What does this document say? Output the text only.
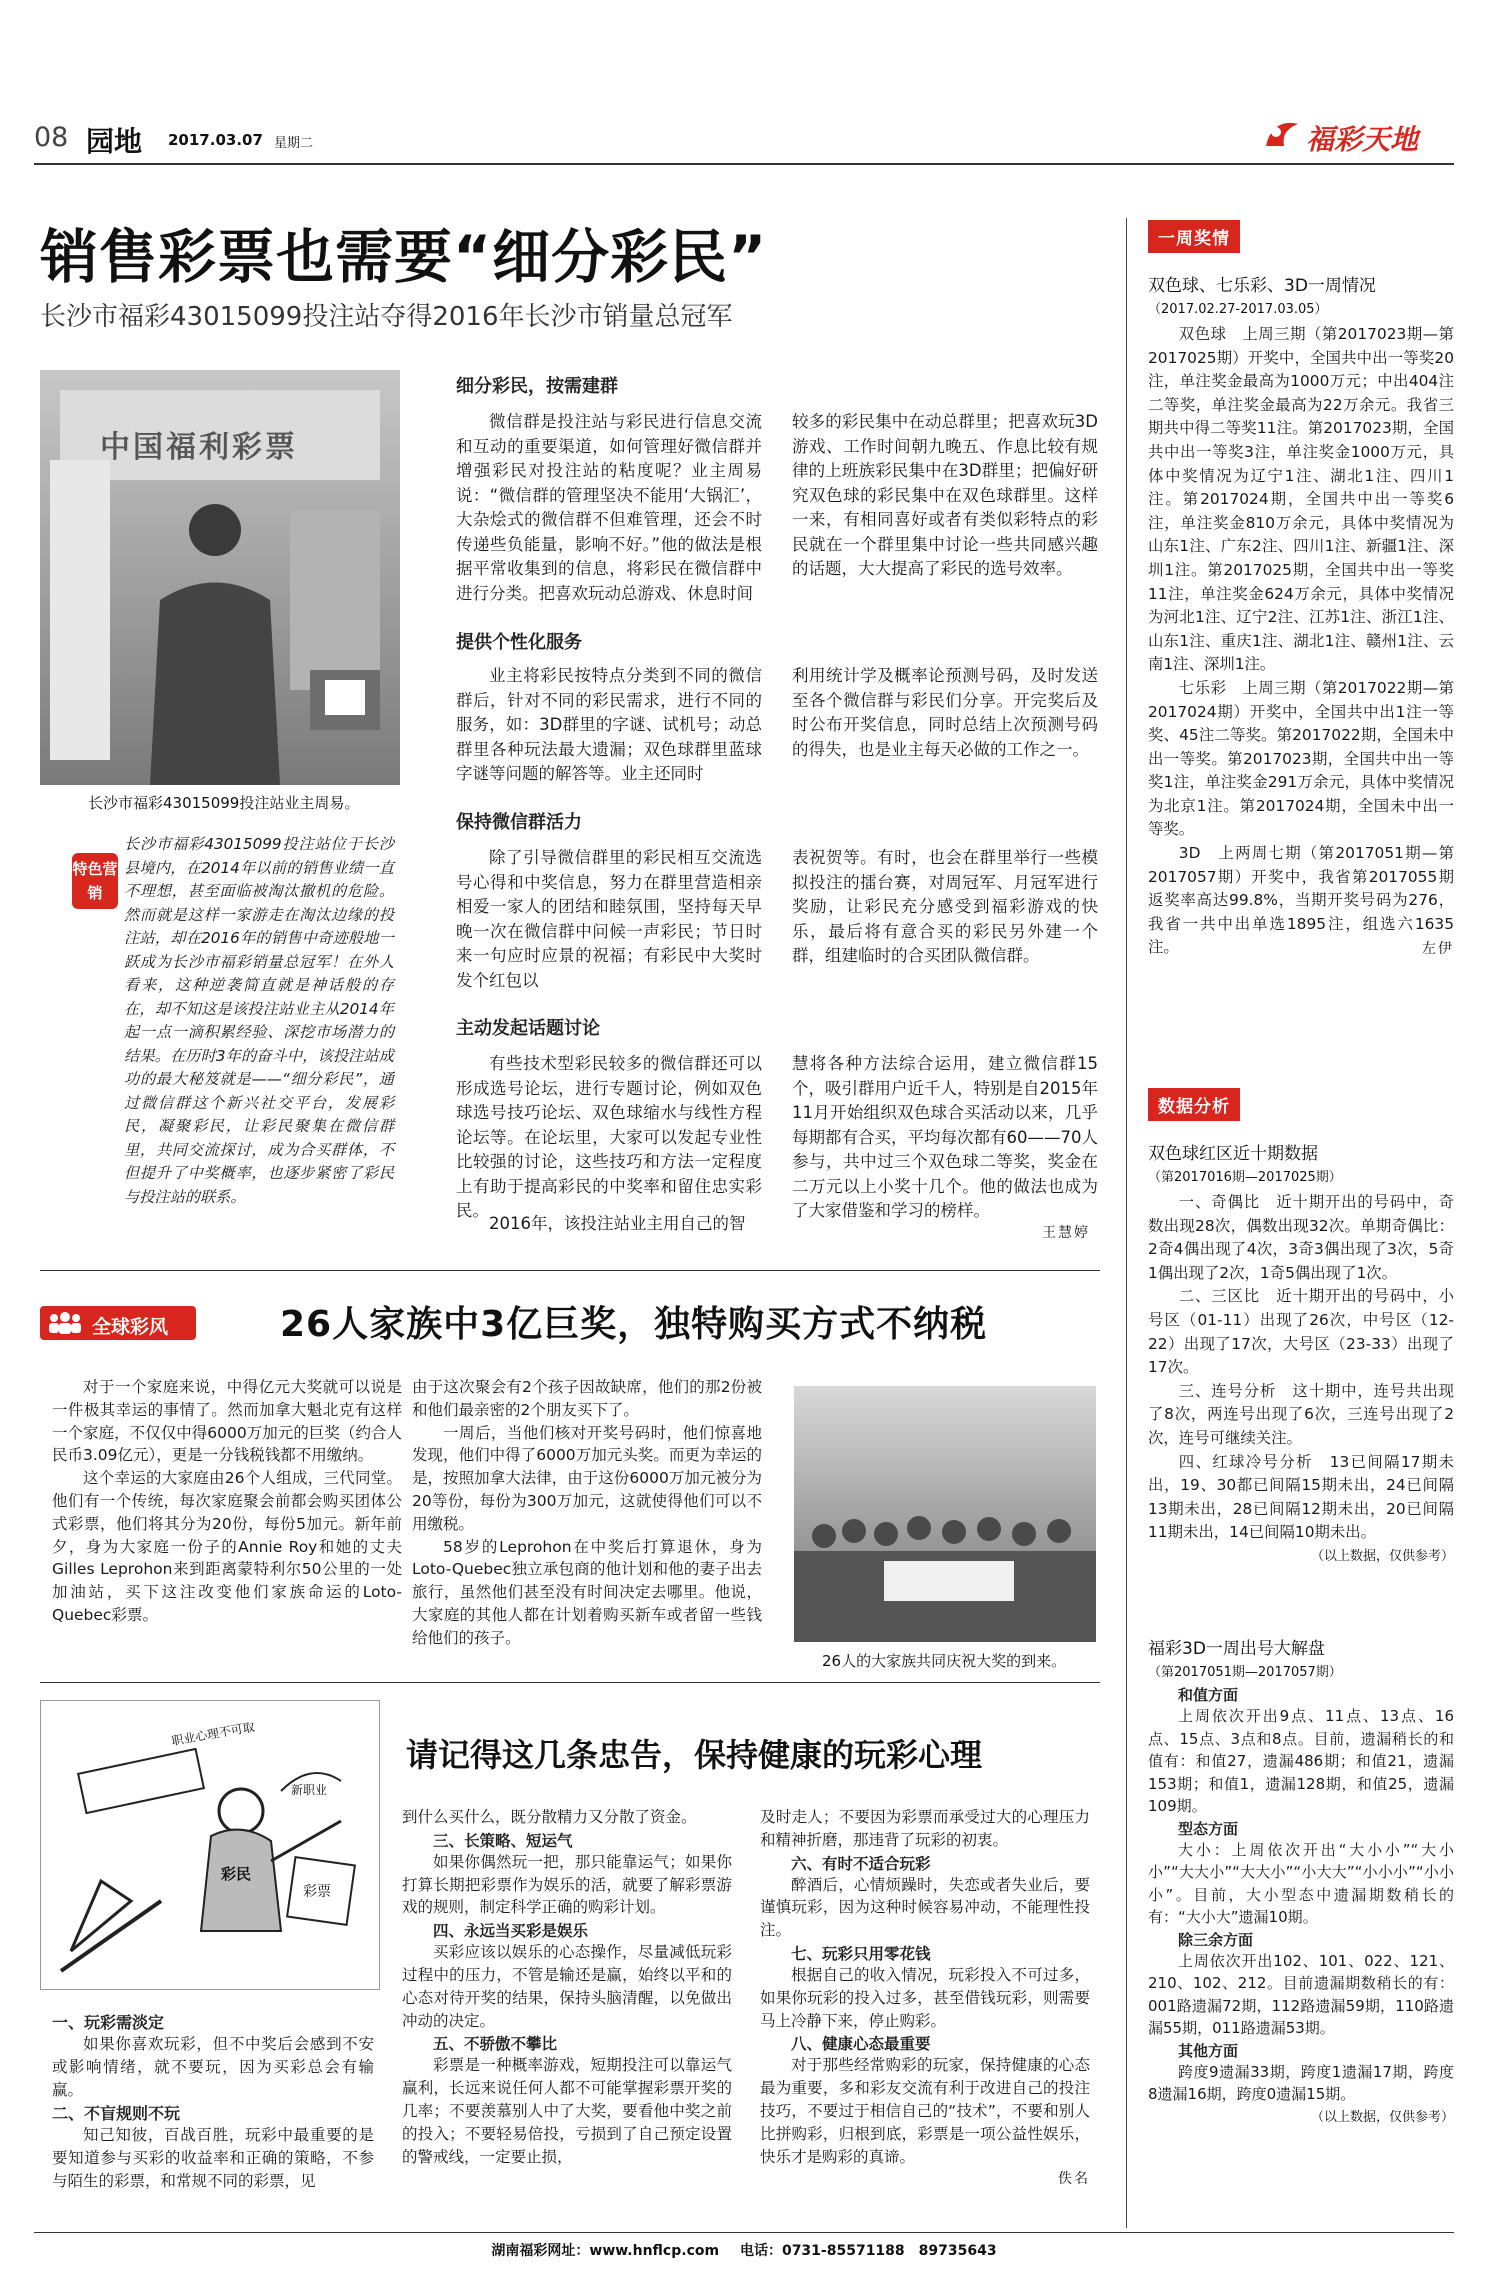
08 园地 2017.03.07 星期二	福彩天地
销售彩票也需要“细分彩民”
长沙市福彩43015099投注站夺得2016年长沙市销量总冠军
中国福利彩票
长沙市福彩43015099投注站业主周易。
特色营销

长沙市福彩43015099投注站位于长沙县境内，在2014年以前的销售业绩一直不理想，甚至面临被淘汰撤机的危险。然而就是这样一家游走在淘汰边缘的投注站，却在2016年的销售中奇迹般地一跃成为长沙市福彩销量总冠军！在外人看来，这种逆袭简直就是神话般的存在，却不知这是该投注站业主从2014年起一点一滴积累经验、深挖市场潜力的结果。在历时3年的奋斗中，该投注站成功的最大秘笈就是——“细分彩民”，通过微信群这个新兴社交平台，发展彩民，凝聚彩民，让彩民聚集在微信群里，共同交流探讨，成为合买群体，不但提升了中奖概率，也逐步紧密了彩民与投注站的联系。

细分彩民，按需建群

微信群是投注站与彩民进行信息交流和互动的重要渠道，如何管理好微信群并增强彩民对投注站的粘度呢？业主周易说：“微信群的管理坚决不能用‘大锅汇’，大杂烩式的微信群不但难管理，还会不时传递些负能量，影响不好。”他的做法是根据平常收集到的信息，将彩民在微信群中进行分类。把喜欢玩动总游戏、休息时间

较多的彩民集中在动总群里；把喜欢玩3D游戏、工作时间朝九晚五、作息比较有规律的上班族彩民集中在3D群里；把偏好研究双色球的彩民集中在双色球群里。这样一来，有相同喜好或者有类似彩特点的彩民就在一个群里集中讨论一些共同感兴趣的话题，大大提高了彩民的选号效率。

提供个性化服务

业主将彩民按特点分类到不同的微信群后，针对不同的彩民需求，进行不同的服务，如：3D群里的字谜、试机号；动总群里各种玩法最大遗漏；双色球群里蓝球字谜等问题的解答等。业主还同时

利用统计学及概率论预测号码，及时发送至各个微信群与彩民们分享。开完奖后及时公布开奖信息，同时总结上次预测号码的得失，也是业主每天必做的工作之一。

保持微信群活力

除了引导微信群里的彩民相互交流选号心得和中奖信息，努力在群里营造相亲相爱一家人的团结和睦氛围，坚持每天早晚一次在微信群中问候一声彩民；节日时来一句应时应景的祝福；有彩民中大奖时发个红包以

表祝贺等。有时，也会在群里举行一些模拟投注的擂台赛，对周冠军、月冠军进行奖励，让彩民充分感受到福彩游戏的快乐，最后将有意合买的彩民另外建一个群，组建临时的合买团队微信群。

主动发起话题讨论

有些技术型彩民较多的微信群还可以形成选号论坛，进行专题讨论，例如双色球选号技巧论坛、双色球缩水与线性方程论坛等。在论坛里，大家可以发起专业性比较强的讨论，这些技巧和方法一定程度上有助于提高彩民的中奖率和留住忠实彩民。

2016年，该投注站业主用自己的智

慧将各种方法综合运用，建立微信群15个，吸引群用户近千人，特别是自2015年11月开始组织双色球合买活动以来，几乎每期都有合买，平均每次都有60——70人参与，共中过三个双色球二等奖，奖金在二万元以上小奖十几个。他的做法也成为了大家借鉴和学习的榜样。

王慧婷
全球彩风	26人家族中3亿巨奖，独特购买方式不纳税

对于一个家庭来说，中得亿元大奖就可以说是一件极其幸运的事情了。然而加拿大魁北克有这样一个家庭，不仅仅中得6000万加元的巨奖（约合人民币3.09亿元），更是一分钱税钱都不用缴纳。

这个幸运的大家庭由26个人组成，三代同堂。他们有一个传统，每次家庭聚会前都会购买团体公式彩票，他们将其分为20份，每份5加元。新年前夕，身为大家庭一份子的Annie Roy和她的丈夫Gilles Leprohon来到距离蒙特利尔50公里的一处加油站，买下这注改变他们家族命运的Loto-Quebec彩票。

由于这次聚会有2个孩子因故缺席，他们的那2份被和他们最亲密的2个朋友买下了。

一周后，当他们核对开奖号码时，他们惊喜地发现，他们中得了6000万加元头奖。而更为幸运的是，按照加拿大法律，由于这份6000万加元被分为20等份，每份为300万加元，这就使得他们可以不用缴税。

58岁的Leprohon在中奖后打算退休，身为Loto-Quebec独立承包商的他计划和他的妻子出去旅行，虽然他们甚至没有时间决定去哪里。他说，大家庭的其他人都在计划着购买新车或者留一些钱给他们的孩子。

26人的大家族共同庆祝大奖的到来。
职业心理不可取
彩民
彩票
新职业
请记得这几条忠告，保持健康的玩彩心理
一、玩彩需淡定

如果你喜欢玩彩，但不中奖后会感到不安或影响情绪，就不要玩，因为买彩总会有输赢。

二、不盲规则不玩

知己知彼，百战百胜，玩彩中最重要的是要知道参与买彩的收益率和正确的策略，不参与陌生的彩票，和常规不同的彩票，见

到什么买什么，既分散精力又分散了资金。

三、长策略、短运气

如果你偶然玩一把，那只能靠运气；如果你打算长期把彩票作为娱乐的活，就要了解彩票游戏的规则，制定科学正确的购彩计划。

四、永远当买彩是娱乐

买彩应该以娱乐的心态操作，尽量减低玩彩过程中的压力，不管是输还是赢，始终以平和的心态对待开奖的结果，保持头脑清醒，以免做出冲动的决定。

五、不骄傲不攀比

彩票是一种概率游戏，短期投注可以靠运气赢利，长远来说任何人都不可能掌握彩票开奖的几率；不要羡慕别人中了大奖，要看他中奖之前的投入；不要轻易倍投，亏损到了自己预定设置的警戒线，一定要止损，

及时走人；不要因为彩票而承受过大的心理压力和精神折磨，那违背了玩彩的初衷。

六、有时不适合玩彩

醉酒后，心情烦躁时，失恋或者失业后，要谨慎玩彩，因为这种时候容易冲动，不能理性投注。

七、玩彩只用零花钱

根据自己的收入情况，玩彩投入不可过多，如果你玩彩的投入过多，甚至借钱玩彩，则需要马上冷静下来，停止购彩。

八、健康心态最重要

对于那些经常购彩的玩家，保持健康的心态最为重要，多和彩友交流有利于改进自己的投注技巧，不要过于相信自己的“技术”，不要和别人比拼购彩，归根到底，彩票是一项公益性娱乐，快乐才是购彩的真谛。

佚名
一周奖情
双色球、七乐彩、3D一周情况
（2017.02.27-2017.03.05）

双色球　上周三期（第2017023期—第2017025期）开奖中，全国共中出一等奖20注，单注奖金最高为1000万元；中出404注二等奖，单注奖金最高为22万余元。我省三期共中得二等奖11注。第2017023期，全国共中出一等奖3注，单注奖金1000万元，具体中奖情况为辽宁1注、湖北1注、四川1注。第2017024期，全国共中出一等奖6注，单注奖金810万余元，具体中奖情况为山东1注、广东2注、四川1注、新疆1注、深圳1注。第2017025期，全国共中出一等奖11注，单注奖金624万余元，具体中奖情况为河北1注、辽宁2注、江苏1注、浙江1注、山东1注、重庆1注、湖北1注、赣州1注、云南1注、深圳1注。

七乐彩　上周三期（第2017022期—第2017024期）开奖中，全国共中出1注一等奖、45注二等奖。第2017022期，全国未中出一等奖。第2017023期，全国共中出一等奖1注，单注奖金291万余元，具体中奖情况为北京1注。第2017024期，全国未中出一等奖。

3D　上两周七期（第2017051期—第2017057期）开奖中，我省第2017055期返奖率高达99.8%，当期开奖号码为276，我省一共中出单选1895注，组选六1635注。	左伊
数据分析
双色球红区近十期数据
（第2017016期—2017025期）

一、奇偶比　近十期开出的号码中，奇数出现28次，偶数出现32次。单期奇偶比：2奇4偶出现了4次，3奇3偶出现了3次，5奇1偶出现了2次，1奇5偶出现了1次。

二、三区比　近十期开出的号码中，小号区（01-11）出现了26次，中号区（12-22）出现了17次，大号区（23-33）出现了17次。

三、连号分析　这十期中，连号共出现了8次，两连号出现了6次，三连号出现了2次，连号可继续关注。

四、红球冷号分析　13已间隔17期未出，19、30都已间隔15期未出，24已间隔13期未出，28已间隔12期未出，20已间隔11期未出，14已间隔10期未出。

（以上数据，仅供参考）
福彩3D一周出号大解盘
（第2017051期—2017057期）
和值方面

上周依次开出9点、11点、13点、16点、15点、3点和8点。目前，遗漏稍长的和值有：和值27，遗漏486期；和值21，遗漏153期；和值1，遗漏128期，和值25，遗漏109期。

型态方面

大小：上周依次开出“大小小”“大小小”“大大小”“大大小”“小大大”“小小小”“小小小”。目前，大小型态中遗漏期数稍长的有：“大小大”遗漏10期。

除三余方面

上周依次开出102、101、022、121、210、102、212。目前遗漏期数稍长的有：001路遗漏72期，112路遗漏59期，110路遗漏55期，011路遗漏53期。

其他方面

跨度9遗漏33期，跨度1遗漏17期，跨度8遗漏16期，跨度0遗漏15期。

（以上数据，仅供参考）
湖南福彩网址：www.hnflcp.com 电话：0731-85571188　89735643
